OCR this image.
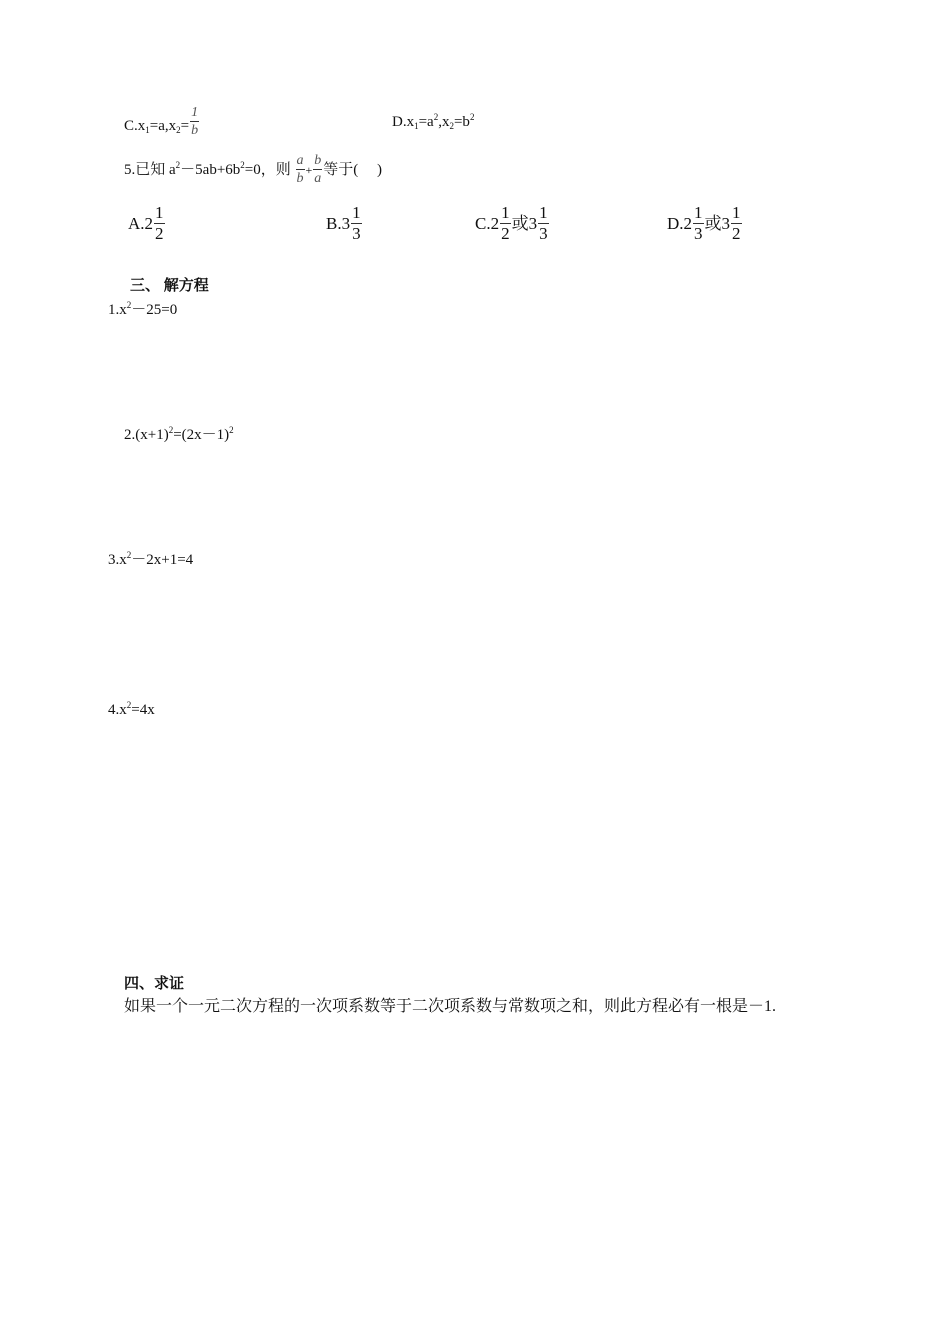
$C.x_1=a,x_2= \frac{1}{b}$	$D.x_1=a^2,x_2=b^2$
5.已知 $a^2-5ab+6b^2=0$，则 $\frac{a}{b} + \frac{b}{a}$ 等于(　 )
$A.2 \frac{1}{2}$	$B.3 \frac{1}{3}$	$C.2 \frac{1}{2}$ 或$3 \frac{1}{3}$	$D.2 \frac{1}{3}$ 或$3 \frac{1}{2}$
三、 解方程
$1.x^2-25=0$
$2.(x+1)^2=(2x-1)^2$
$3.x^2-2x+1=4$
$4.x^2=4x$
四、求证
如果一个一元二次方程的一次项系数等于二次项系数与常数项之和，则此方程必有一根是－1.
